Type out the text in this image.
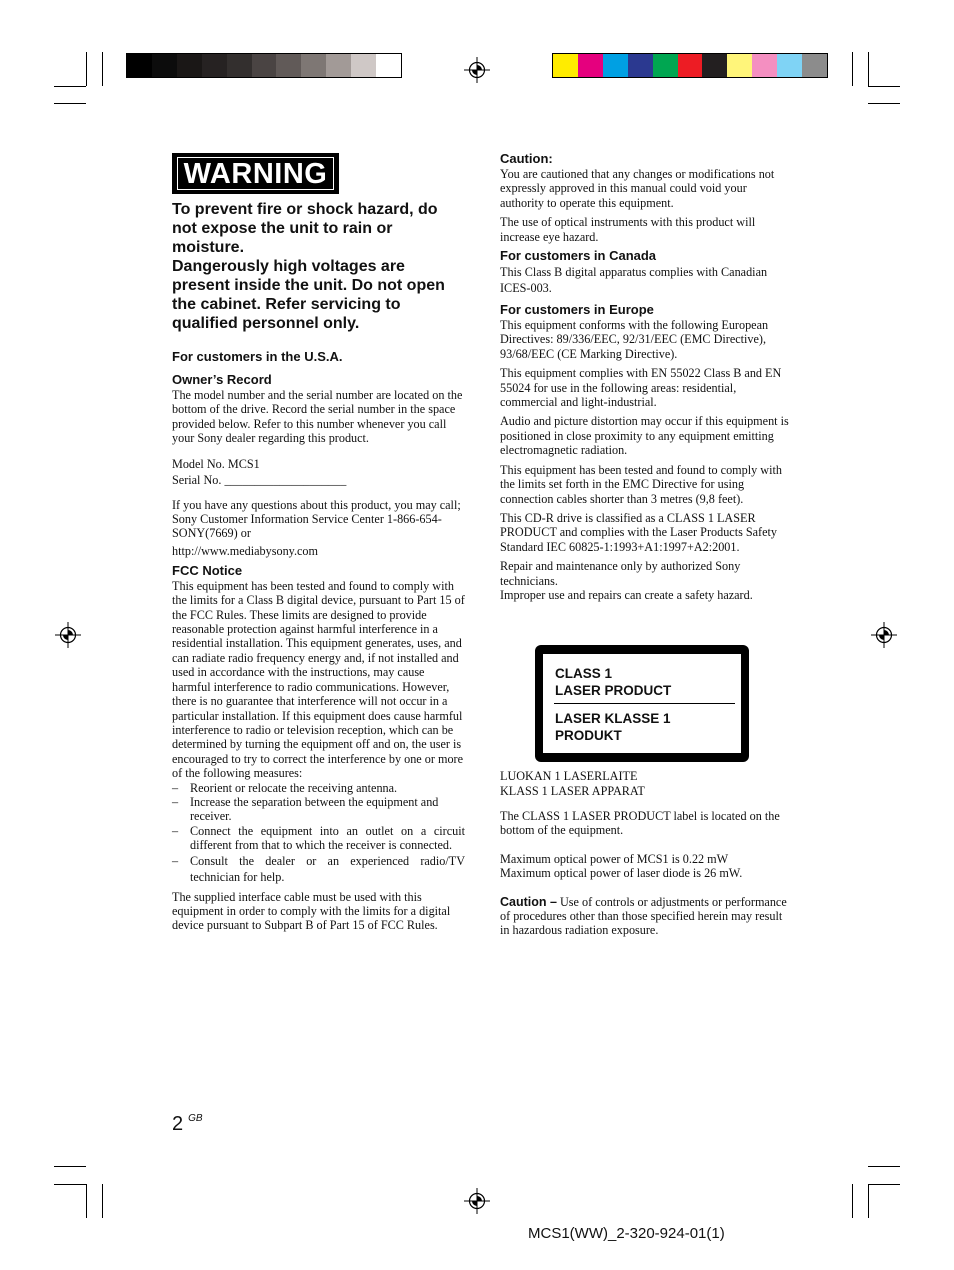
WARNING

To prevent fire or shock hazard, do not expose the unit to rain or moisture.

Dangerously high voltages are present inside the unit. Do not open the cabinet. Refer servicing to qualified personnel only.

For customers in the U.S.A.
Owner’s Record

The model number and the serial number are located on the bottom of the drive. Record the serial number in the space provided below. Refer to this number whenever you call your Sony dealer regarding this product.

Model No. MCS1

Serial No. ____________________

If you have any questions about this product, you may call; Sony Customer Information Service Center 1-866-654-SONY(7669) or

http://www.mediabysony.com

FCC Notice

This equipment has been tested and found to comply with the limits for a Class B digital device, pursuant to Part 15 of the FCC Rules. These limits are designed to provide reasonable protection against harmful interference in a residential installation. This equipment generates, uses, and can radiate radio frequency energy and, if not installed and used in accordance with the instructions, may cause harmful interference to radio communications. However, there is no guarantee that interference will not occur in a particular installation. If this equipment does cause harmful interference to radio or television reception, which can be determined by turning the equipment off and on, the user is encouraged to try to correct the interference by one or more of the following measures:

– Reorient or relocate the receiving antenna.
– Increase the separation between the equipment and receiver.
– Connect the equipment into an outlet on a circuit different from that to which the receiver is connected.
– Consult the dealer or an experienced radio/TV technician for help.

The supplied interface cable must be used with this equipment in order to comply with the limits for a digital device pursuant to Subpart B of Part 15 of FCC Rules.

Caution:

You are cautioned that any changes or modifications not expressly approved in this manual could void your authority to operate this equipment.

The use of optical instruments with this product will increase eye hazard.

For customers in Canada

This Class B digital apparatus complies with Canadian ICES-003.

For customers in Europe

This equipment conforms with the following European Directives: 89/336/EEC, 92/31/EEC (EMC Directive), 93/68/EEC (CE Marking Directive).

This equipment complies with EN 55022 Class B and EN 55024 for use in the following areas: residential, commercial and light-industrial.

Audio and picture distortion may occur if this equipment is positioned in close proximity to any equipment emitting electromagnetic radiation.

This equipment has been tested and found to comply with the limits set forth in the EMC Directive for using connection cables shorter than 3 metres (9,8 feet).

This CD-R drive is classified as a CLASS 1 LASER PRODUCT and complies with the Laser Products Safety Standard IEC 60825-1:1993+A1:1997+A2:2001.

Repair and maintenance only by authorized Sony technicians.

Improper use and repairs can create a safety hazard.

CLASS 1
LASER PRODUCT
LASER KLASSE 1
PRODUKT

LUOKAN 1 LASERLAITE

KLASS 1 LASER APPARAT

The CLASS 1 LASER PRODUCT label is located on the bottom of the equipment.

Maximum optical power of MCS1 is 0.22 mW

Maximum optical power of laser diode is 26 mW.

Caution – Use of controls or adjustments or performance of procedures other than those specified herein may result in hazardous radiation exposure.

2 $^{GB}$
MCS1(WW)_2-320-924-01(1)
